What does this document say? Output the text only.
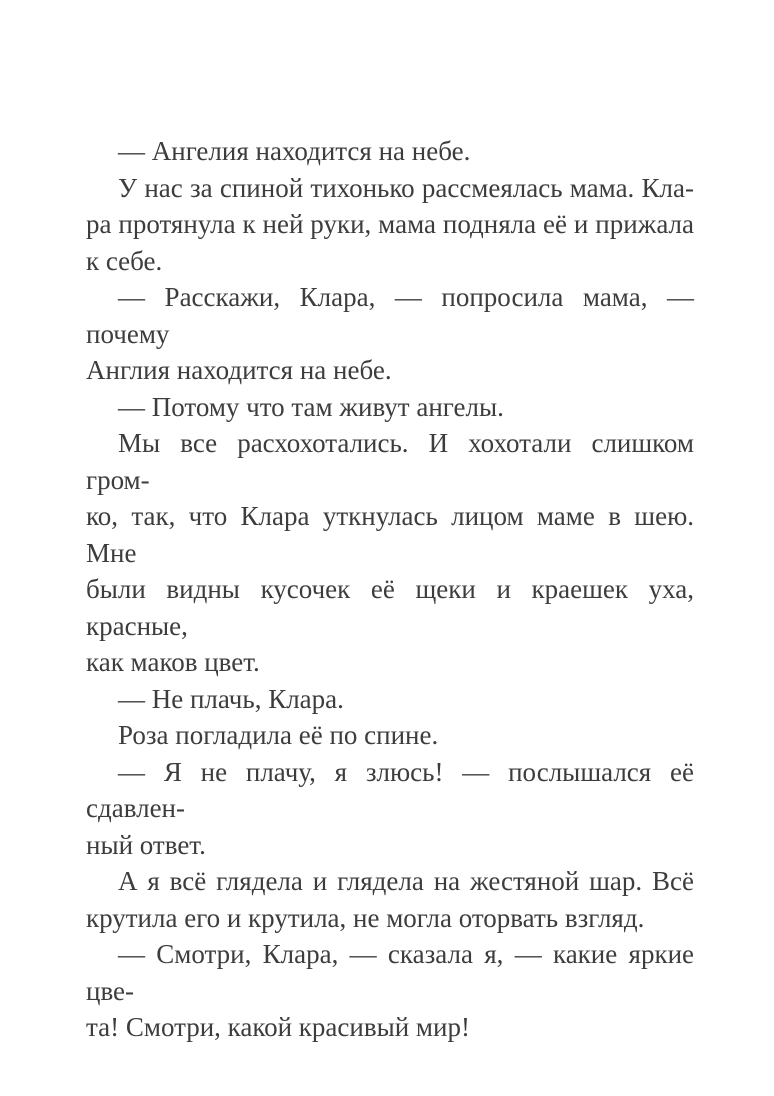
— Ангелия находится на небе.
У нас за спиной тихонько рассмеялась мама. Кла-
ра протянула к ней руки, мама подняла её и прижала
к себе.
— Расскажи, Клара, — попросила мама, — почему
Англия находится на небе.
— Потому что там живут ангелы.
Мы все расхохотались. И хохотали слишком гром-
ко, так, что Клара уткнулась лицом маме в шею. Мне
были видны кусочек её щеки и краешек уха, красные,
как маков цвет.
— Не плачь, Клара.
Роза погладила её по спине.
— Я не плачу, я злюсь! — послышался её сдавлен-
ный ответ.
А я всё глядела и глядела на жестяной шар. Всё
крутила его и крутила, не могла оторвать взгляд.
— Смотри, Клара, — сказала я, — какие яркие цве-
та! Смотри, какой красивый мир!
